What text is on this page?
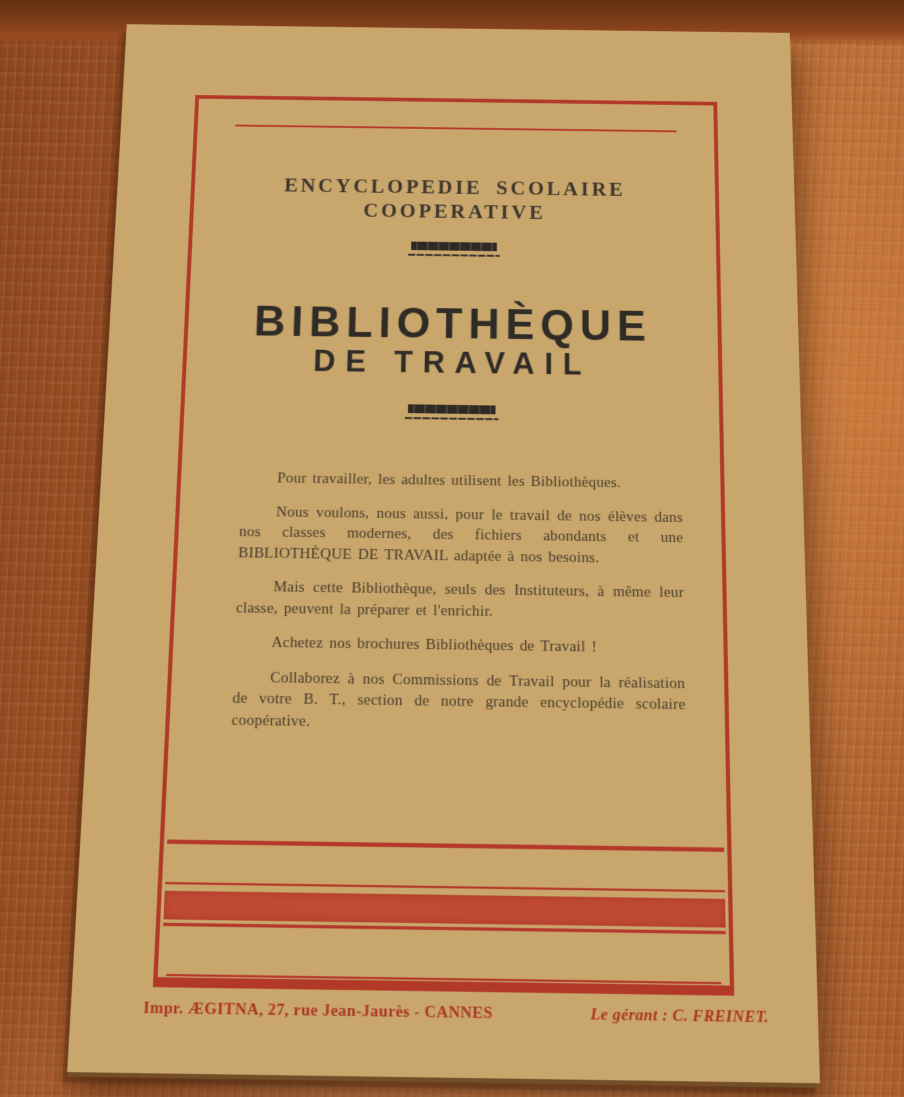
ENCYCLOPEDIE SCOLAIRE
COOPERATIVE
BIBLIOTHÈQUE
DE TRAVAIL

Pour travailler, les adultes utilisent les Bibliothèques.

Nous voulons, nous aussi, pour le travail de nos élèves dans nos classes modernes, des fichiers abondants et une BIBLIOTHÈQUE DE TRAVAIL adaptée à nos besoins.

Mais cette Bibliothèque, seuls des Instituteurs, à même leur classe, peuvent la préparer et l'enrichir.

Achetez nos brochures Bibliothèques de Travail !

Collaborez à nos Commissions de Travail pour la réalisation de votre B. T., section de notre grande encyclopédie scolaire coopérative.

Impr. ÆGITNA, 27, rue Jean-Jaurès - CANNES	Le gérant : C. FREINET.
